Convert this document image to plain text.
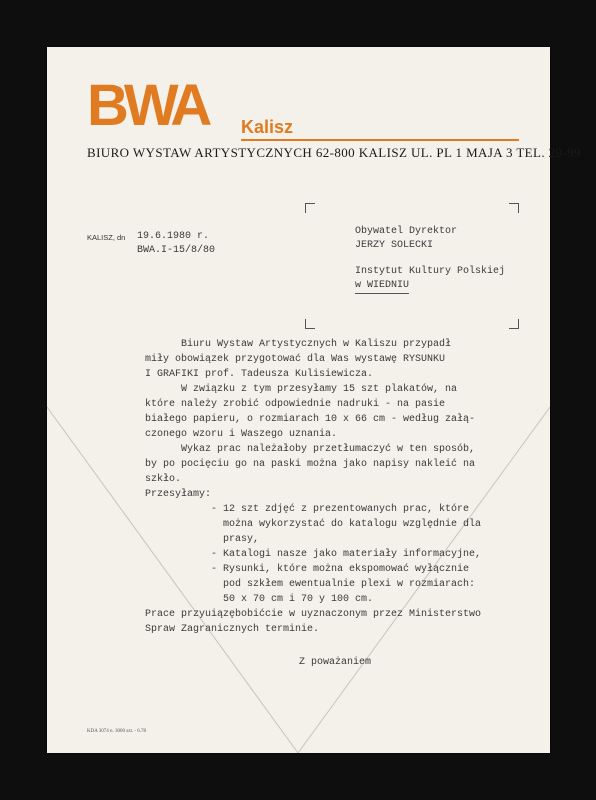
BWA Kalisz
BIURO WYSTAW ARTYSTYCZNYCH 62-800 KALISZ UL. PL 1 MAJA 3 TEL. 29-99
KALISZ, dn 19.6.1980 r.
BWA.I-15/8/80
Obywatel Dyrektor
JERZY SOLECKI
Instytut Kultury Polskiej
w WIEDNIU

Biuru Wystaw Artystycznych w Kaliszu przypadł

miły obowiązek przygotować dla Was wystawę RYSUNKU

I GRAFIKI prof. Tadeusza Kulisiewicza.

W związku z tym przesyłamy 15 szt plakatów, na

które należy zrobić odpowiednie nadruki - na pasie

białego papieru, o rozmiarach 10 x 66 cm - według załą-

czonego wzoru i Waszego uznania.

Wykaz prac należałoby przetłumaczyć w ten sposób,

by po pocięciu go na paski można jako napisy nakleić na

szkło.

Przesyłamy:

- 12 szt zdjęć z prezentowanych prac, które

można wykorzystać do katalogu względnie dla

prasy,

- Katalogi nasze jako materiały informacyjne,

- Rysunki, które można ekspomować wyłącznie

pod szkłem ewentualnie plexi w rozmiarach:

50 x 70 cm i 70 y 100 cm.

Prace przyuiązębobićcie w uyznaczonym przez Ministerstwo

Spraw Zagranicznych terminie.

Z poważaniem
KDA 3074 n. 3000 szt. - 6.78
